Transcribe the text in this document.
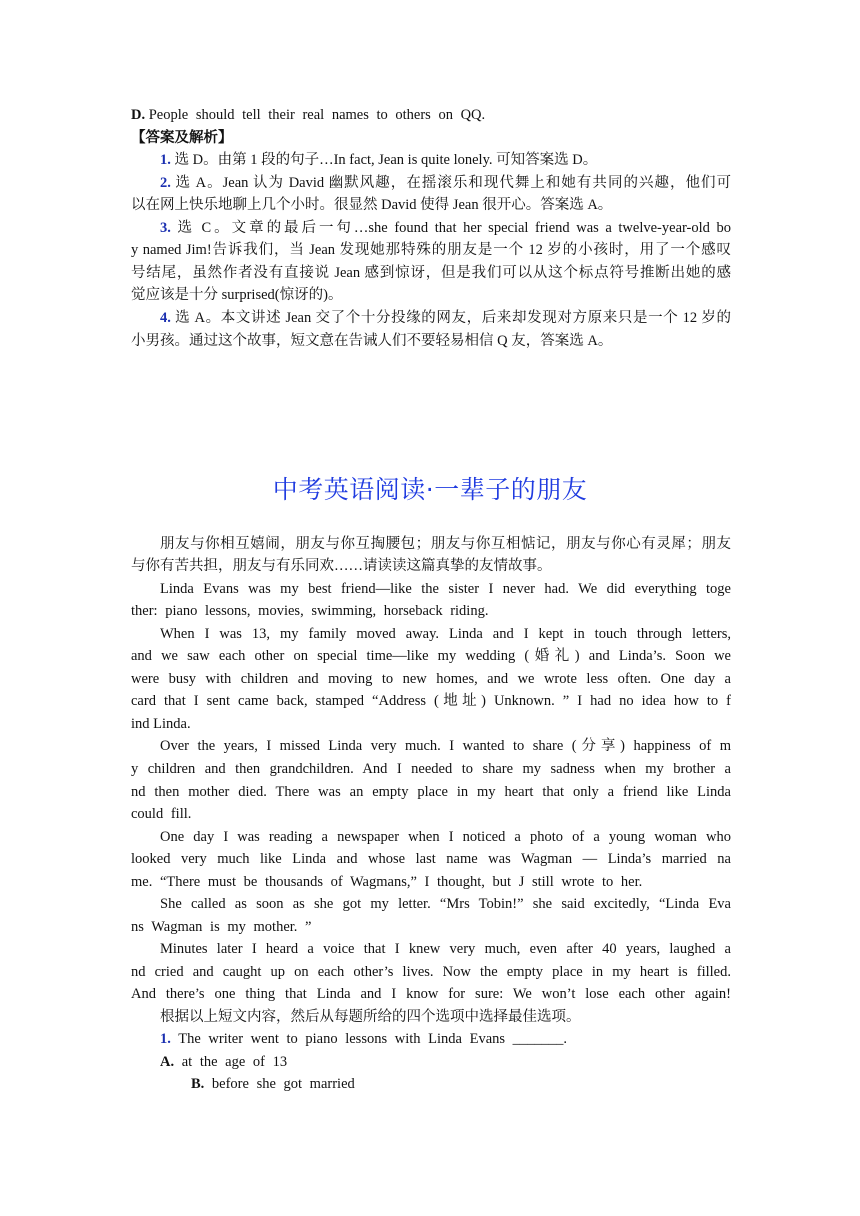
D. People should tell their real names to others on QQ.
【答案及解析】
1. 选 D。由第 1 段的句子…In fact, Jean is quite lonely. 可知答案选 D。
2. 选 A。Jean 认为 David 幽默风趣，在摇滚乐和现代舞上和她有共同的兴趣，他们可
以在网上快乐地聊上几个小时。很显然 David 使得 Jean 很开心。答案选 A。
3. 选 C。文章的最后一句…she found that her special friend was a twelve-year-old bo
y named Jim!告诉我们，当 Jean 发现她那特殊的朋友是一个 12 岁的小孩时，用了一个感叹
号结尾，虽然作者没有直接说 Jean 感到惊讶，但是我们可以从这个标点符号推断出她的感
觉应该是十分 surprised(惊讶的)。
4. 选 A。本文讲述 Jean 交了个十分投缘的网友，后来却发现对方原来只是一个 12 岁的
小男孩。通过这个故事，短文意在告诫人们不要轻易相信 Q 友，答案选 A。
中考英语阅读·一辈子的朋友
朋友与你相互嬉闹，朋友与你互掏腰包；朋友与你互相惦记，朋友与你心有灵犀；朋友
与你有苦共担，朋友与有乐同欢……请读读这篇真挚的友情故事。
Linda Evans was my best friend—like the sister I never had. We did everything toge
ther: piano lessons, movies, swimming, horseback riding.
When I was 13, my family moved away. Linda and I kept in touch through letters,
and we saw each other on special time—like my wedding (婚礼) and Linda’s. Soon we
were busy with children and moving to new homes, and we wrote less often. One day a
card that I sent came back, stamped “Address (地址) Unknown. ” I had no idea how to f
ind Linda.
Over the years, I missed Linda very much. I wanted to share (分享) happiness of m
y children and then grandchildren. And I needed to share my sadness when my brother a
nd then mother died. There was an empty place in my heart that only a friend like Linda
could fill.
One day I was reading a newspaper when I noticed a photo of a young woman who
looked very much like Linda and whose last name was Wagman — Linda’s married na
me. “There must be thousands of Wagmans,” I thought, but J still wrote to her.
She called as soon as she got my letter. “Mrs Tobin!” she said excitedly, “Linda Eva
ns Wagman is my mother. ”
Minutes later I heard a voice that I knew very much, even after 40 years, laughed a
nd cried and caught up on each other’s lives. Now the empty place in my heart is filled.
And there’s one thing that Linda and I know for sure: We won’t lose each other again!
根据以上短文内容，然后从每题所给的四个选项中选择最佳选项。
1. The writer went to piano lessons with Linda Evans _______.
A. at the age of 13
B. before she got married
